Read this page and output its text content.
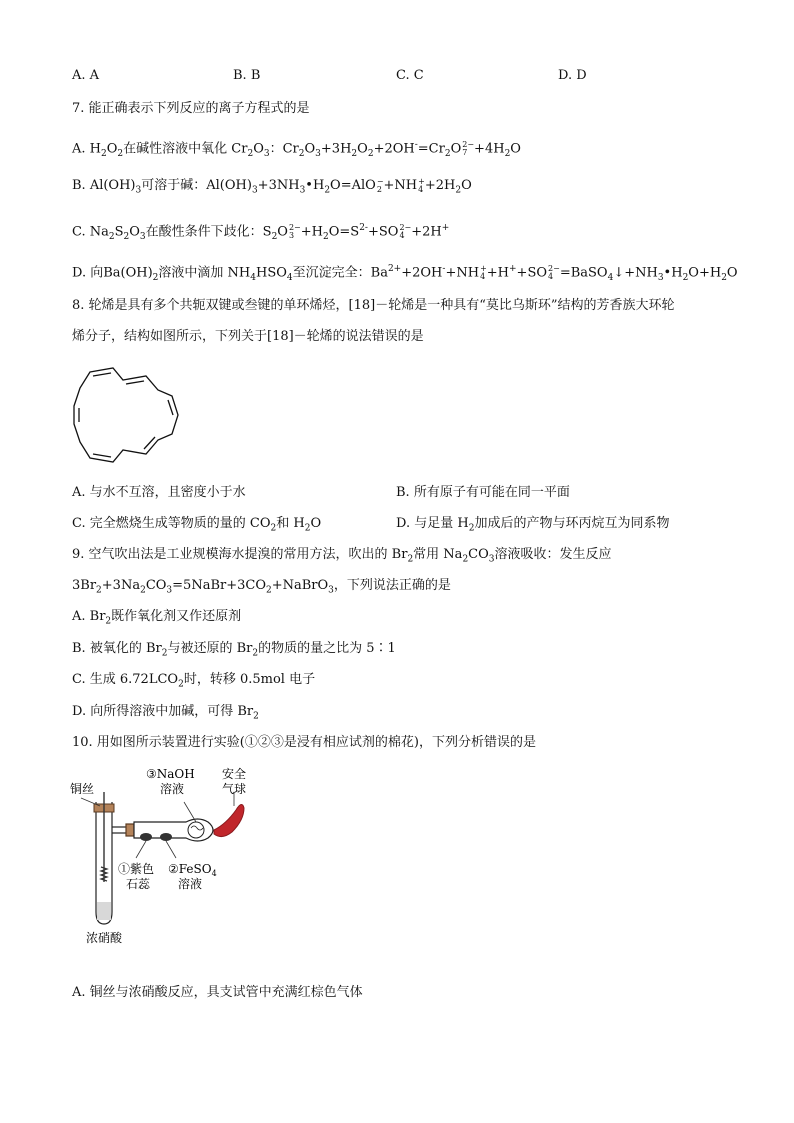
A. A	B. B	C. C	D. D
7. 能正确表示下列反应的离子方程式的是
A. $H_2O_2$在碱性溶液中氧化 $Cr_2O_3$：$Cr_2O_3+3H_2O_2+2OH^-=Cr_2O$ 2−
$7 +4H_2O$
B. $Al(OH)_3$可溶于碱：$Al(OH)_3+3NH_3•H_2O=AlO$ −
2 +NH +
$4 +2H_2O$
C. $Na_2S_2O_3$在酸性条件下歧化：$S_2O$ 2−
$3 +H_2O=S^{2-}+SO$ 2−
4 +2H+
D. 向$Ba(OH)_2$溶液中滴加 $NH_4HSO_4$至沉淀完全：$Ba^{2+}+2OH^-+NH$ +
4 +H++SO 2−
$4 =BaSO_4↓+NH_3•H_2O+H_2O$
8. 轮烯是具有多个共轭双键或叁键的单环烯烃，[18]－轮烯是一种具有“莫比乌斯环”结构的芳香族大环轮
烯分子，结构如图所示，下列关于[18]－轮烯的说法错误的是
A. 与水不互溶，且密度小于水	B. 所有原子有可能在同一平面
C. 完全燃烧生成等物质的量的 $CO_2$和 $H_2O$	D. 与足量 $H_2$加成后的产物与环丙烷互为同系物
9. 空气吹出法是工业规模海水提溴的常用方法，吹出的 $Br_2$常用 $Na_2CO_3$溶液吸收：发生反应
$3Br_2+3Na_2CO_3=5NaBr+3CO_2+NaBrO_3$，下列说法正确的是
A. $Br_2$既作氧化剂又作还原剂
B. 被氧化的 $Br_2$与被还原的 $Br_2$的物质的量之比为 5∶1
C. 生成 $6.72LCO_2$时，转移 0.5mol 电子
D. 向所得溶液中加碱，可得 $Br_2$
10. 用如图所示装置进行实验(①②③是浸有相应试剂的棉花)，下列分析错误的是
铜丝
③NaOH
溶液
安全
气球
①紫色
石蕊
②FeSO$_4$
溶液
浓硝酸
A. 铜丝与浓硝酸反应，具支试管中充满红棕色气体
